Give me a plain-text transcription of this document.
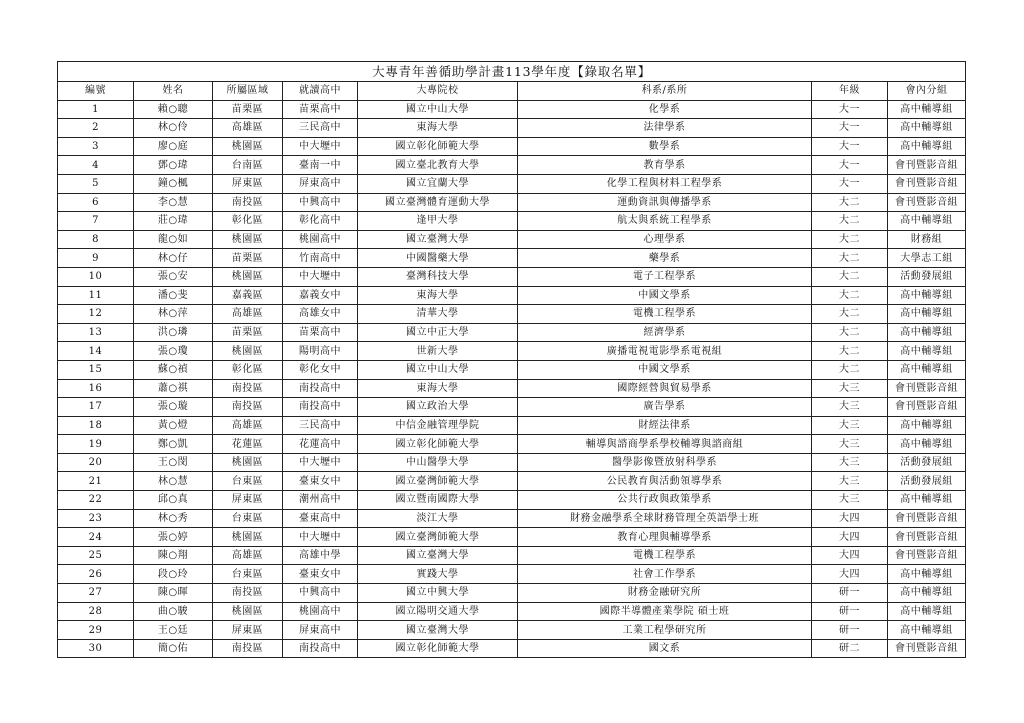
大專青年善循助學計畫113學年度【錄取名單】							
編號	姓名	所屬區域	就讀高中	大專院校	科系/系所	年級	會內分組
1	賴○聰	苗栗區	苗栗高中	國立中山大學	化學系	大一	高中輔導組
2	林○伶	高雄區	三民高中	東海大學	法律學系	大一	高中輔導組
3	廖○庭	桃園區	中大壢中	國立彰化師範大學	數學系	大一	高中輔導組
4	鄧○瑋	台南區	臺南一中	國立臺北教育大學	教育學系	大一	會刊暨影音組
5	鐘○楓	屏東區	屏東高中	國立宜蘭大學	化學工程與材料工程學系	大一	會刊暨影音組
6	李○慧	南投區	中興高中	國立臺灣體育運動大學	運動資訊與傳播學系	大二	會刊暨影音組
7	莊○瑋	彰化區	彰化高中	逢甲大學	航太與系統工程學系	大二	高中輔導組
8	龍○如	桃園區	桃園高中	國立臺灣大學	心理學系	大二	財務組
9	林○仔	苗栗區	竹南高中	中國醫藥大學	藥學系	大二	大學志工組
10	張○安	桃園區	中大壢中	臺灣科技大學	電子工程學系	大二	活動發展組
11	潘○斐	嘉義區	嘉義女中	東海大學	中國文學系	大二	高中輔導組
12	林○萍	高雄區	高雄女中	清華大學	電機工程學系	大二	高中輔導組
13	洪○璘	苗栗區	苗栗高中	國立中正大學	經濟學系	大二	高中輔導組
14	張○瓊	桃園區	陽明高中	世新大學	廣播電視電影學系電視組	大二	高中輔導組
15	蘇○禎	彰化區	彰化女中	國立中山大學	中國文學系	大二	高中輔導組
16	蕭○祺	南投區	南投高中	東海大學	國際經營與貿易學系	大三	會刊暨影音組
17	張○璇	南投區	南投高中	國立政治大學	廣告學系	大三	會刊暨影音組
18	黃○燈	高雄區	三民高中	中信金融管理學院	財經法律系	大三	高中輔導組
19	鄭○凱	花蓮區	花蓮高中	國立彰化師範大學	輔導與諮商學系學校輔導與諮商組	大三	高中輔導組
20	王○閔	桃園區	中大壢中	中山醫學大學	醫學影像暨放射科學系	大三	活動發展組
21	林○慧	台東區	臺東女中	國立臺灣師範大學	公民教育與活動領導學系	大三	活動發展組
22	邱○真	屏東區	潮州高中	國立暨南國際大學	公共行政與政策學系	大三	高中輔導組
23	林○秀	台東區	臺東高中	淡江大學	財務金融學系全球財務管理全英語學士班	大四	會刊暨影音組
24	張○婷	桃園區	中大壢中	國立臺灣師範大學	教育心理與輔導學系	大四	會刊暨影音組
25	陳○翔	高雄區	高雄中學	國立臺灣大學	電機工程學系	大四	會刊暨影音組
26	段○玲	台東區	臺東女中	實踐大學	社會工作學系	大四	高中輔導組
27	陳○暉	南投區	中興高中	國立中興大學	財務金融研究所	研一	高中輔導組
28	曲○駿	桃園區	桃園高中	國立陽明交通大學	國際半導體產業學院 碩士班	研一	高中輔導組
29	王○廷	屏東區	屏東高中	國立臺灣大學	工業工程學研究所	研一	高中輔導組
30	簡○佑	南投區	南投高中	國立彰化師範大學	國文系	研二	會刊暨影音組
